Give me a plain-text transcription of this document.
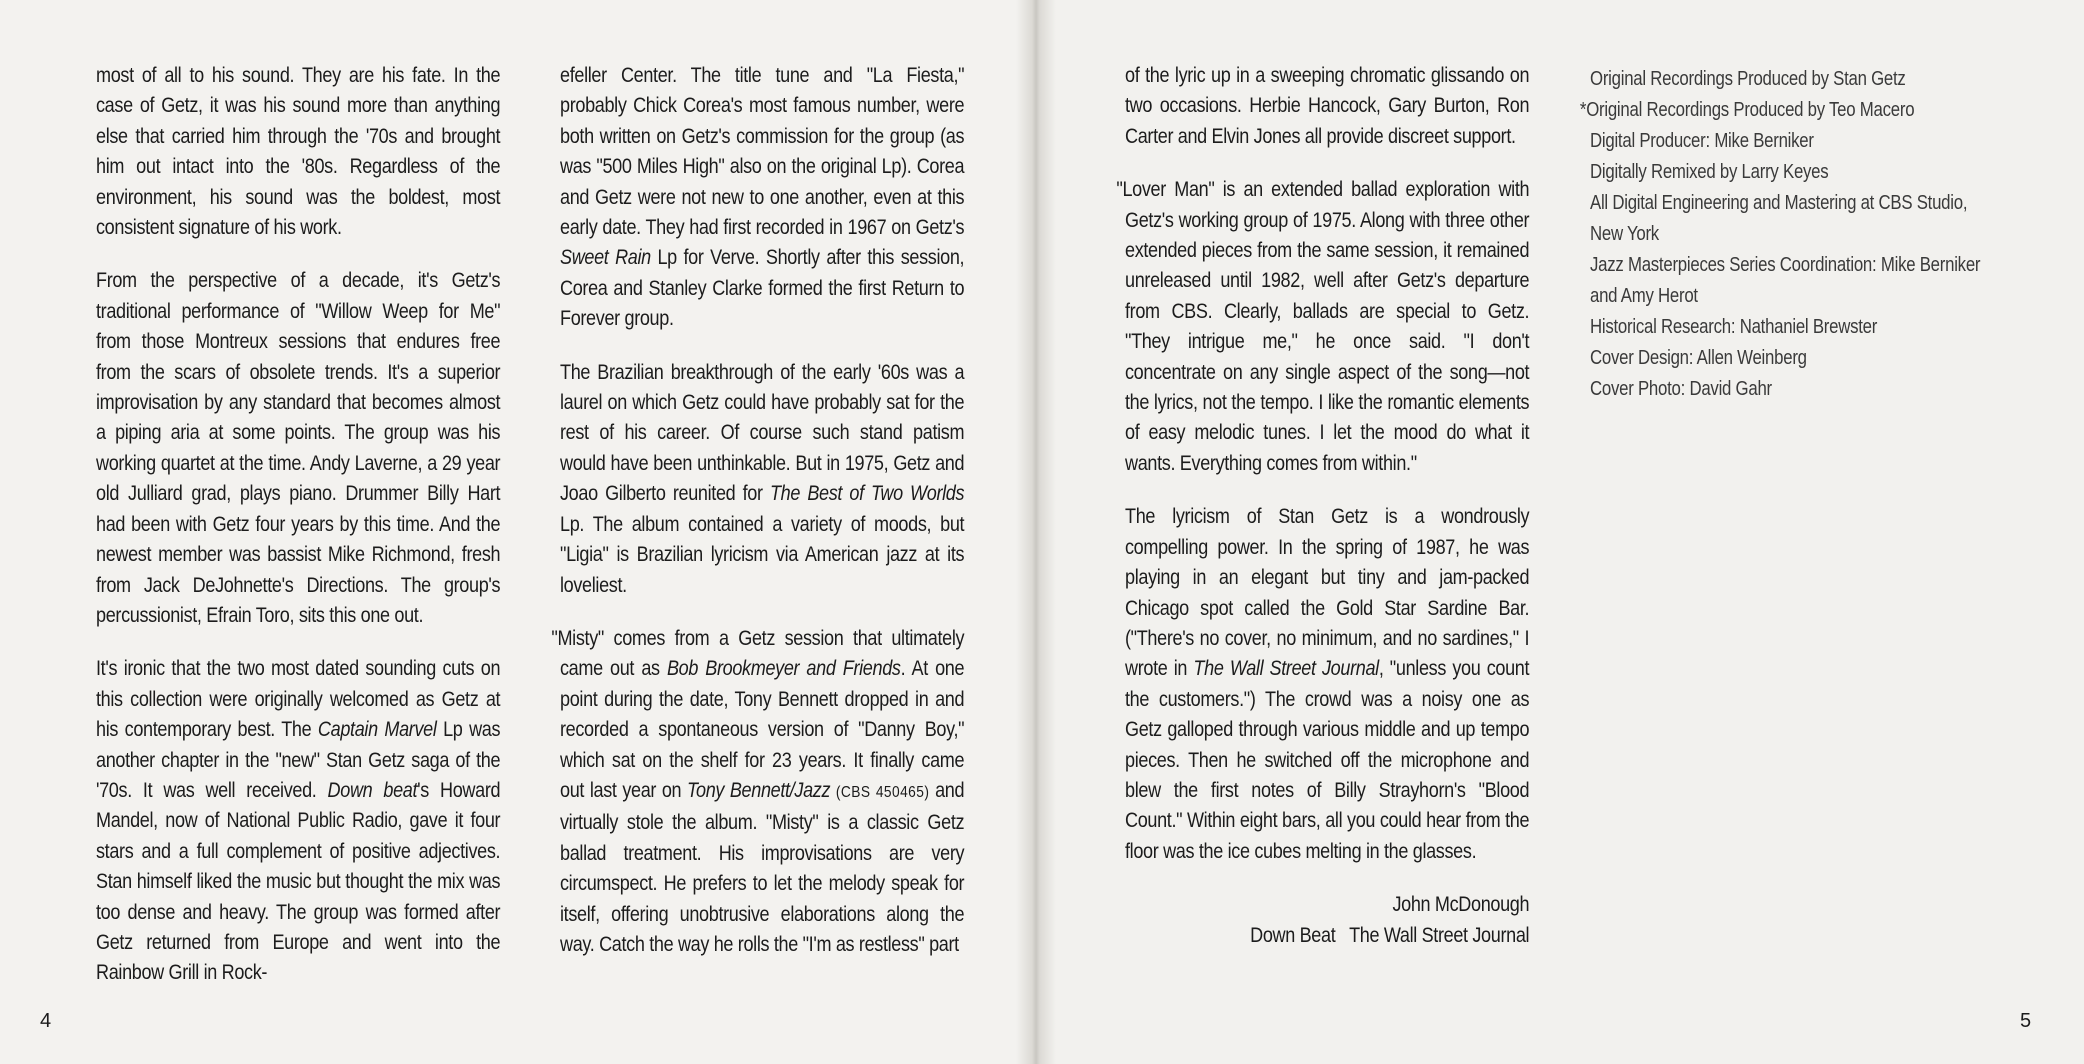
most of all to his sound. They are his fate. In the case of Getz, it was his sound more than anything else that carried him through the '70s and brought him out intact into the '80s. Regardless of the environment, his sound was the boldest, most consistent signature of his work.

From the perspective of a decade, it's Getz's traditional performance of "Willow Weep for Me" from those Montreux sessions that endures free from the scars of obsolete trends. It's a superior improvisation by any standard that becomes almost a piping aria at some points. The group was his working quartet at the time. Andy Laverne, a 29 year old Julliard grad, plays piano. Drummer Billy Hart had been with Getz four years by this time. And the newest member was bassist Mike Richmond, fresh from Jack DeJohnette's Directions. The group's percussionist, Efrain Toro, sits this one out.

It's ironic that the two most dated sounding cuts on this collection were originally welcomed as Getz at his contemporary best. The Captain Marvel Lp was another chapter in the "new" Stan Getz saga of the '70s. It was well received. Down beat's Howard Mandel, now of National Public Radio, gave it four stars and a full complement of positive adjectives. Stan himself liked the music but thought the mix was too dense and heavy. The group was formed after Getz returned from Europe and went into the Rainbow Grill in Rock-

efeller Center. The title tune and "La Fiesta," probably Chick Corea's most famous number, were both written on Getz's commission for the group (as was "500 Miles High" also on the original Lp). Corea and Getz were not new to one another, even at this early date. They had first recorded in 1967 on Getz's Sweet Rain Lp for Verve. Shortly after this session, Corea and Stanley Clarke formed the first Return to Forever group.

The Brazilian breakthrough of the early '60s was a laurel on which Getz could have probably sat for the rest of his career. Of course such stand patism would have been unthinkable. But in 1975, Getz and Joao Gilberto reunited for The Best of Two Worlds Lp. The album contained a variety of moods, but "Ligia" is Brazilian lyricism via American jazz at its loveliest.

"Misty" comes from a Getz session that ultimately came out as Bob Brookmeyer and Friends. At one point during the date, Tony Bennett dropped in and recorded a spontaneous version of "Danny Boy," which sat on the shelf for 23 years. It finally came out last year on Tony Bennett/Jazz (CBS 450465) and virtually stole the album. "Misty" is a classic Getz ballad treatment. His improvisations are very circumspect. He prefers to let the melody speak for itself, offering unobtrusive elaborations along the way. Catch the way he rolls the "I'm as restless" part

of the lyric up in a sweeping chromatic glissando on two occasions. Herbie Hancock, Gary Burton, Ron Carter and Elvin Jones all provide discreet support.

"Lover Man" is an extended ballad exploration with Getz's working group of 1975. Along with three other extended pieces from the same session, it remained unreleased until 1982, well after Getz's departure from CBS. Clearly, ballads are special to Getz. "They intrigue me," he once said. "I don't concentrate on any single aspect of the song—not the lyrics, not the tempo. I like the romantic elements of easy melodic tunes. I let the mood do what it wants. Everything comes from within."

The lyricism of Stan Getz is a wondrously compelling power. In the spring of 1987, he was playing in an elegant but tiny and jam-packed Chicago spot called the Gold Star Sardine Bar. ("There's no cover, no minimum, and no sardines," I wrote in The Wall Street Journal, "unless you count the customers.") The crowd was a noisy one as Getz galloped through various middle and up tempo pieces. Then he switched off the microphone and blew the first notes of Billy Strayhorn's "Blood Count." Within eight bars, all you could hear from the floor was the ice cubes melting in the glasses.

John McDonough

Down Beat   The Wall Street Journal

Original Recordings Produced by Stan Getz
*Original Recordings Produced by Teo Macero
Digital Producer: Mike Berniker
Digitally Remixed by Larry Keyes
All Digital Engineering and Mastering at CBS Studio,
New York
Jazz Masterpieces Series Coordination: Mike Berniker
and Amy Herot
Historical Research: Nathaniel Brewster
Cover Design: Allen Weinberg
Cover Photo: David Gahr
4	5
